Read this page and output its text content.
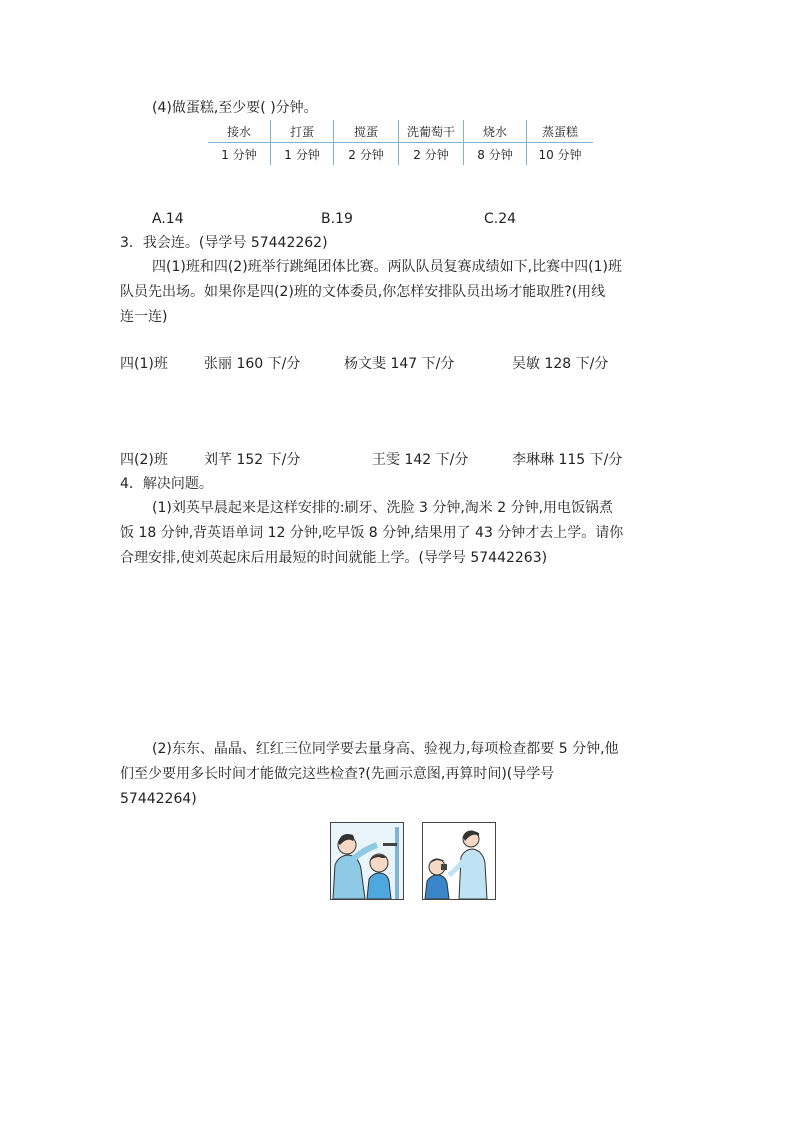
(4)做蛋糕,至少要( )分钟。
接水	打蛋	搅蛋	洗葡萄干	烧水	蒸蛋糕
1 分钟	1 分钟	2 分钟	2 分钟	8 分钟	10 分钟
A.14	B.19	C.24
3．我会连。(导学号 57442262)
四(1)班和四(2)班举行跳绳团体比赛。两队队员复赛成绩如下,比赛中四(1)班
队员先出场。如果你是四(2)班的文体委员,你怎样安排队员出场才能取胜?(用线
连一连)
四(1)班	张丽 160 下/分	杨文斐 147 下/分	吴敏 128 下/分
四(2)班	刘芊 152 下/分	王雯 142 下/分	李琳琳 115 下/分
4．解决问题。
(1)刘英早晨起来是这样安排的:刷牙、洗脸 3 分钟,淘米 2 分钟,用电饭锅煮
饭 18 分钟,背英语单词 12 分钟,吃早饭 8 分钟,结果用了 43 分钟才去上学。请你
合理安排,使刘英起床后用最短的时间就能上学。(导学号 57442263)
(2)东东、晶晶、红红三位同学要去量身高、验视力,每项检查都要 5 分钟,他
们至少要用多长时间才能做完这些检查?(先画示意图,再算时间)(导学号
57442264)
